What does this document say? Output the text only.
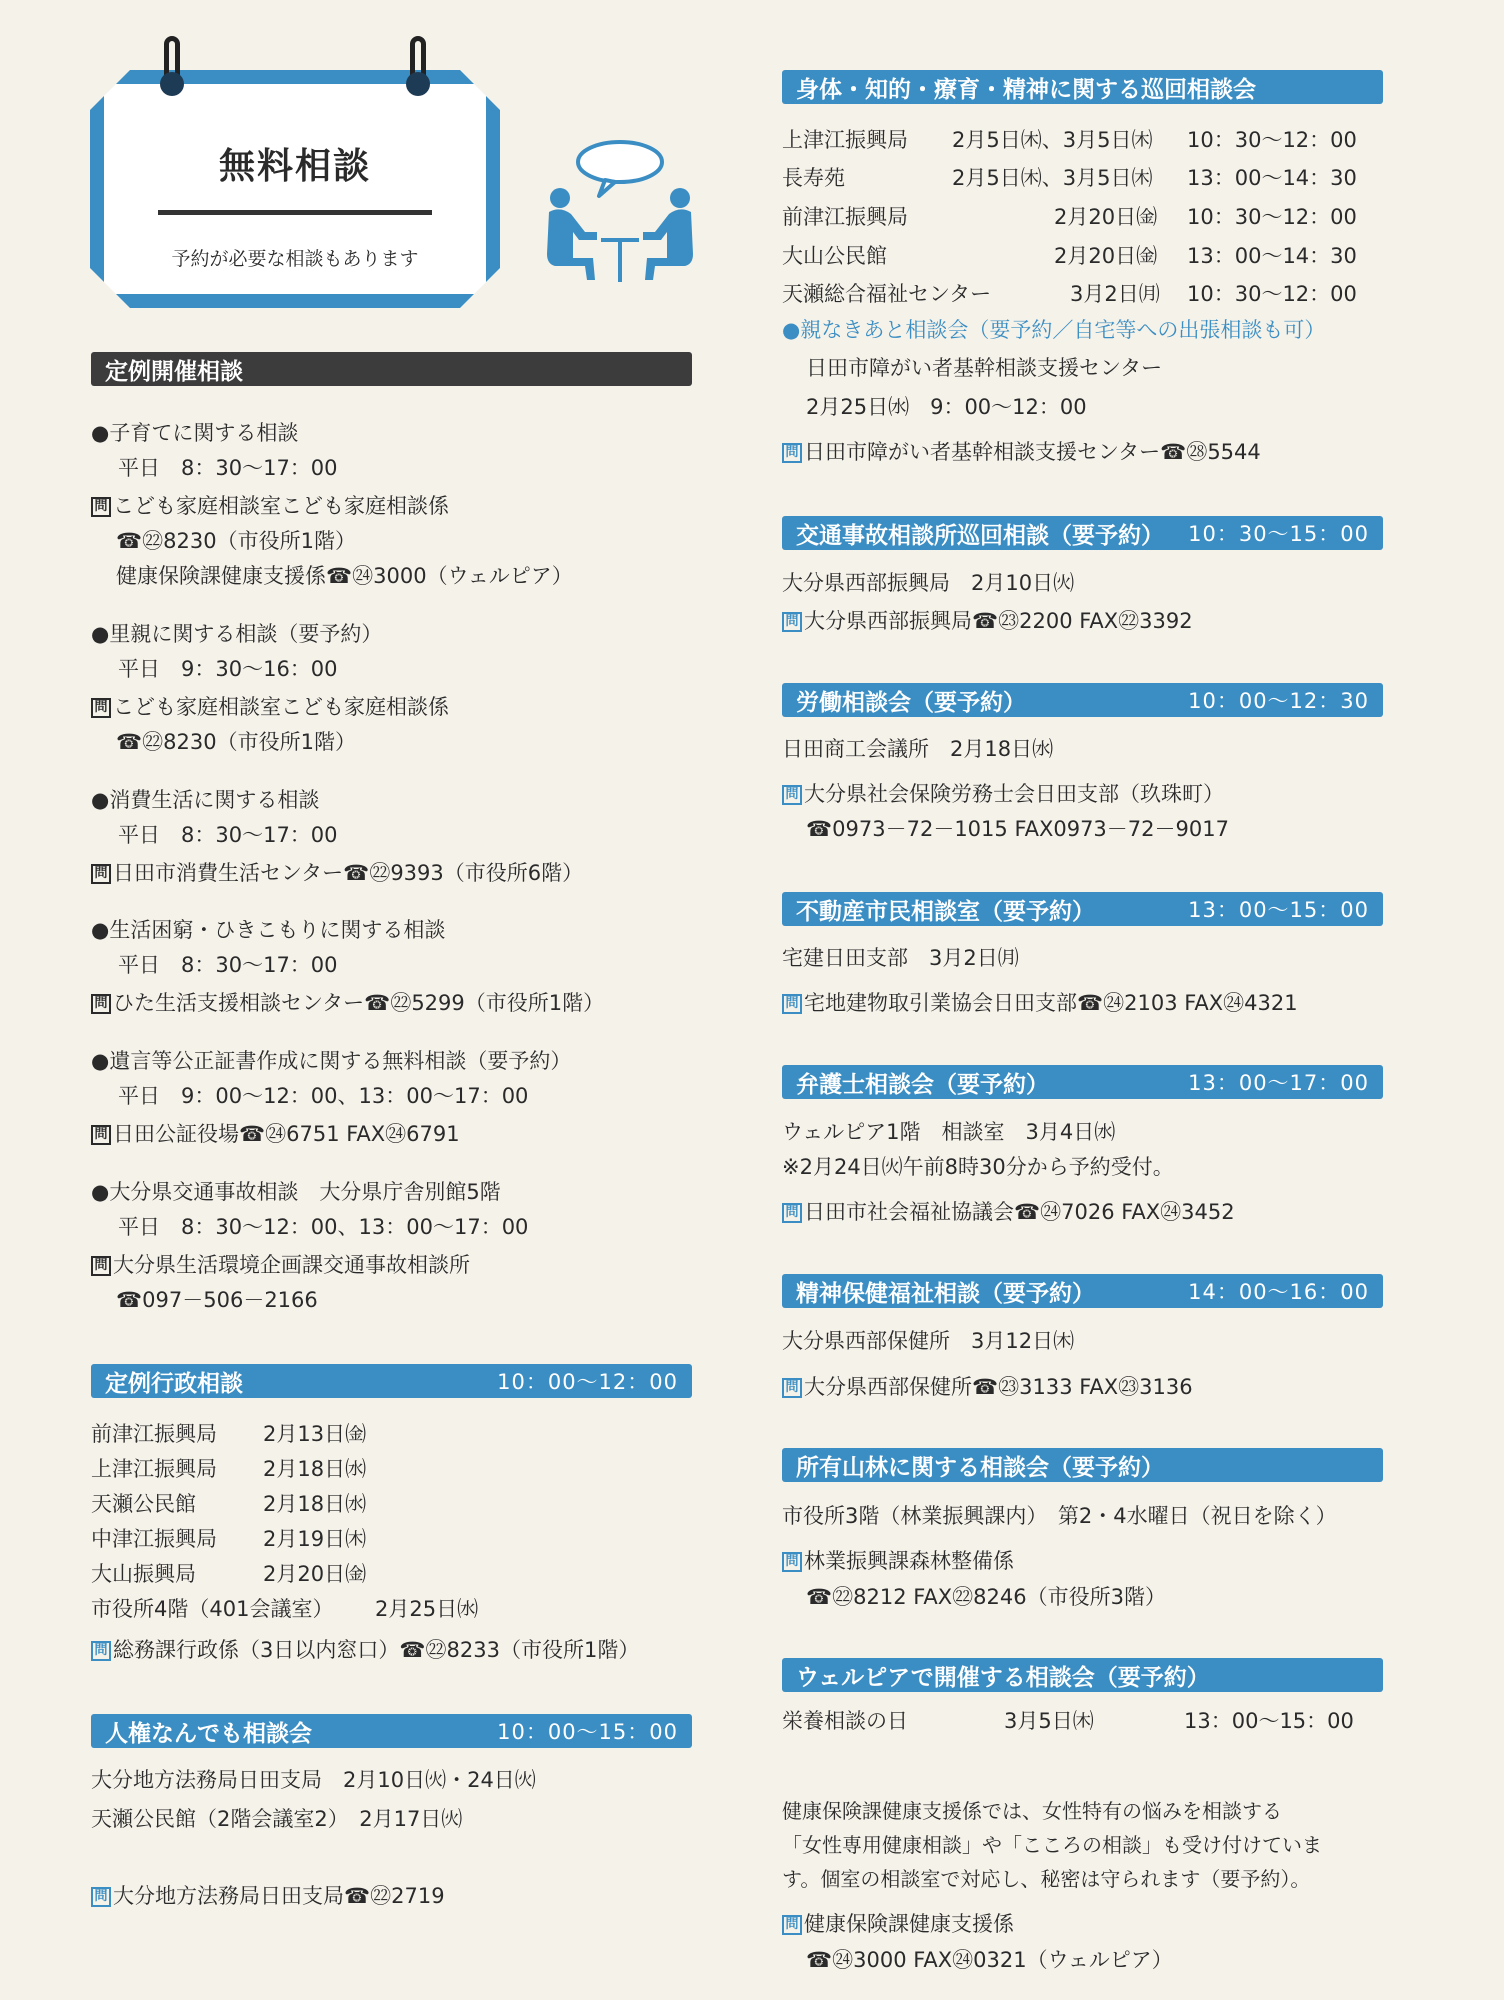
無料相談
予約が必要な相談もあります
定例開催相談
●子育てに関する相談
平日　8：30〜17：00
問 こども家庭相談室こども家庭相談係
☎㉒8230（市役所1階）
健康保険課健康支援係☎㉔3000（ウェルピア）
●里親に関する相談（要予約）
平日　9：30〜16：00
問 こども家庭相談室こども家庭相談係
☎㉒8230（市役所1階）
●消費生活に関する相談
平日　8：30〜17：00
問 日田市消費生活センター☎㉒9393（市役所6階）
●生活困窮・ひきこもりに関する相談
平日　8：30〜17：00
問 ひた生活支援相談センター☎㉒5299（市役所1階）
●遺言等公正証書作成に関する無料相談（要予約）
平日　9：00〜12：00、13：00〜17：00
問 日田公証役場☎㉔6751 FAX㉔6791
●大分県交通事故相談　大分県庁舎別館5階
平日　8：30〜12：00、13：00〜17：00
問 大分県生活環境企画課交通事故相談所
☎097－506－2166
定例行政相談	10：00〜12：00
前津江振興局 2月13日㈮
上津江振興局 2月18日㈬
天瀬公民館	2月18日㈬
中津江振興局 2月19日㈭
大山振興局	2月20日㈮
市役所4階（401会議室） 2月25日㈬
問 総務課行政係（3日以内窓口）☎㉒8233（市役所1階）
人権なんでも相談会	10：00〜15：00
大分地方法務局日田支局　2月10日㈫・24日㈫
天瀬公民館（2階会議室2）　2月17日㈫
問 大分地方法務局日田支局☎㉒2719
身体・知的・療育・精神に関する巡回相談会
上津江振興局 2月5日㈭、3月5日㈭ 10：30〜12：00
長寿苑	2月5日㈭、3月5日㈭ 13：00〜14：30
前津江振興局	2月20日㈮ 10：30〜12：00
大山公民館	2月20日㈮ 13：00〜14：30
天瀬総合福祉センター	3月2日㈪ 10：30〜12：00
●親なきあと相談会（要予約／自宅等への出張相談も可）
日田市障がい者基幹相談支援センター
2月25日㈬　9：00〜12：00
問 日田市障がい者基幹相談支援センター☎㉘5544
交通事故相談所巡回相談（要予約） 10：30〜15：00
大分県西部振興局　2月10日㈫
問 大分県西部振興局☎㉓2200 FAX㉒3392
労働相談会（要予約）	10：00〜12：30
日田商工会議所　2月18日㈬
問 大分県社会保険労務士会日田支部（玖珠町）
☎0973－72－1015 FAX0973－72－9017
不動産市民相談室（要予約）	13：00〜15：00
宅建日田支部　3月2日㈪
問 宅地建物取引業協会日田支部☎㉔2103 FAX㉔4321
弁護士相談会（要予約）	13：00〜17：00
ウェルピア1階　相談室　3月4日㈬
※2月24日㈫午前8時30分から予約受付。
問 日田市社会福祉協議会☎㉔7026 FAX㉔3452
精神保健福祉相談（要予約）	14：00〜16：00
大分県西部保健所　3月12日㈭
問 大分県西部保健所☎㉓3133 FAX㉓3136
所有山林に関する相談会（要予約）
市役所3階（林業振興課内）　第2・4水曜日（祝日を除く）
問 林業振興課森林整備係
☎㉒8212 FAX㉒8246（市役所3階）
ウェルピアで開催する相談会（要予約）
栄養相談の日	3月5日㈭	13：00〜15：00
健康保険課健康支援係では、女性特有の悩みを相談する
「女性専用健康相談」や「こころの相談」も受け付けていま
す。個室の相談室で対応し、秘密は守られます（要予約）。
問 健康保険課健康支援係
☎㉔3000 FAX㉔0321（ウェルピア）
